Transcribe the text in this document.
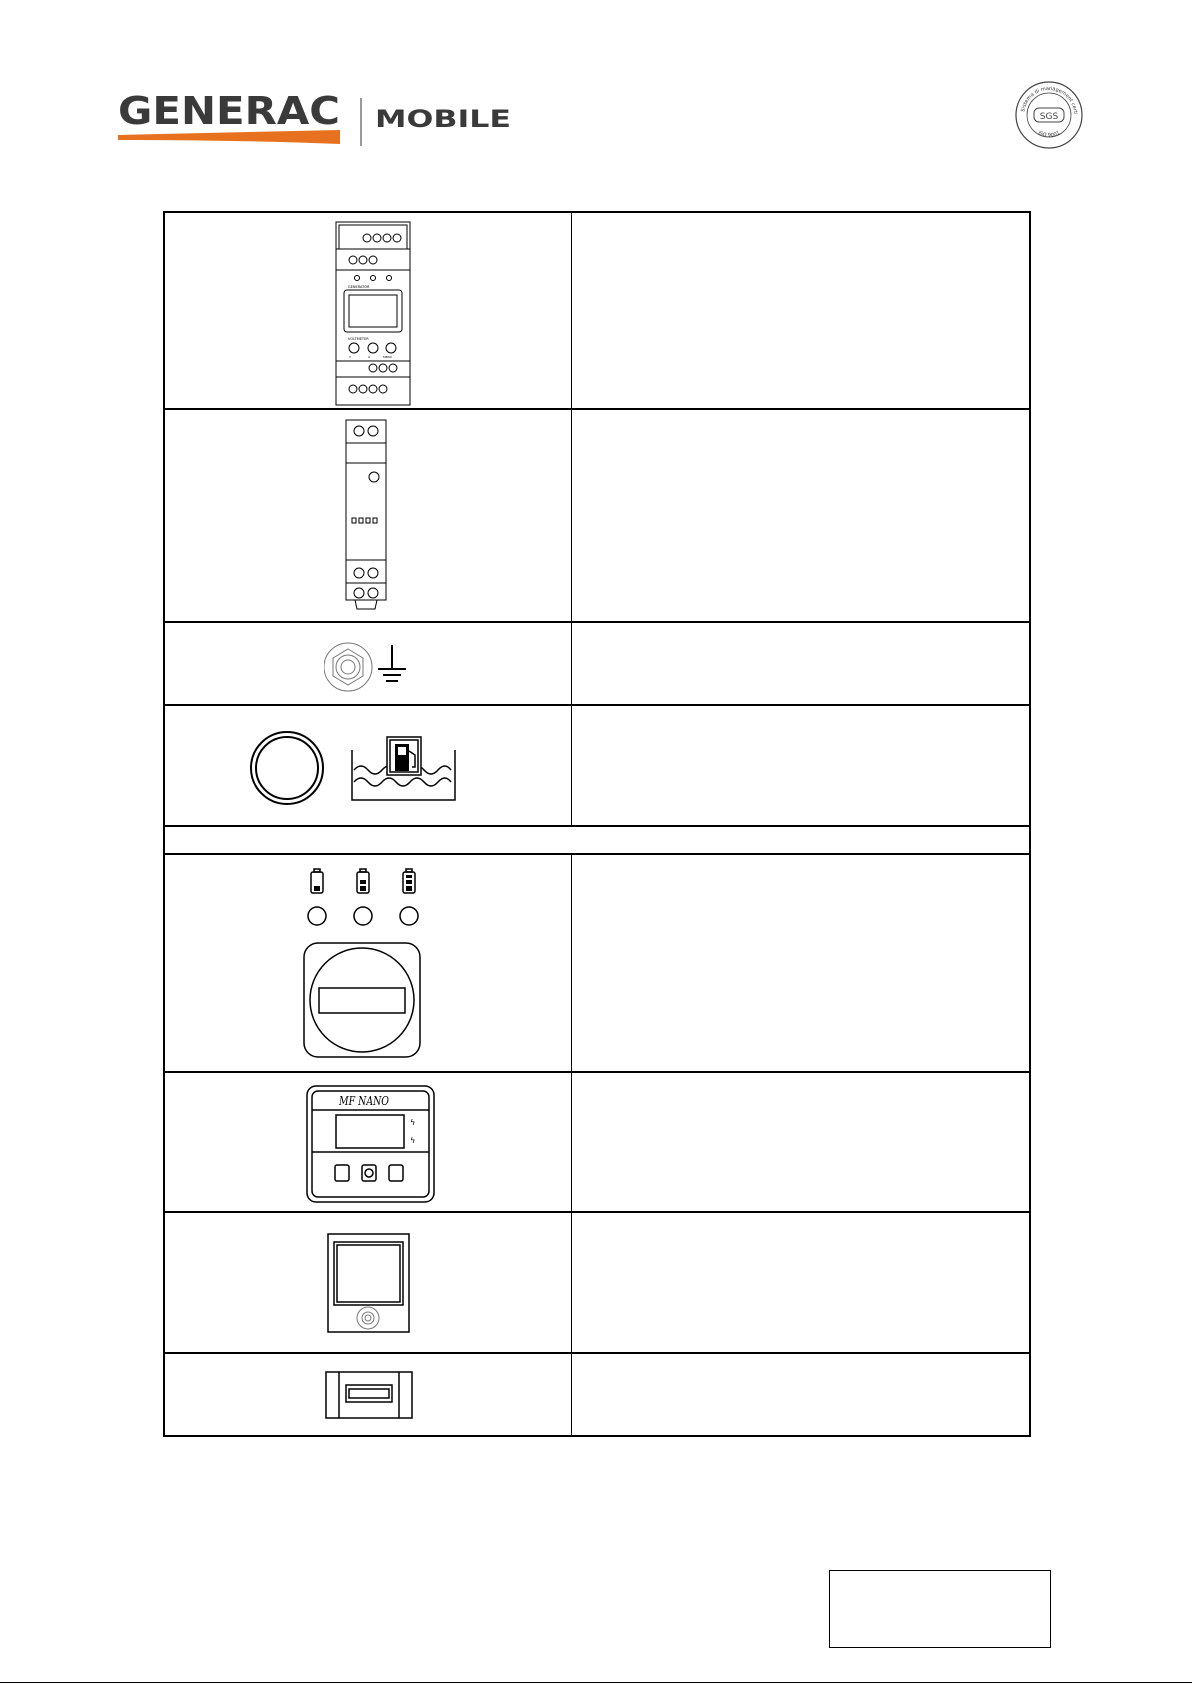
GENERAC MOBILE	Sistema di management certi
ISO 9001
SGS
GENERATOR
VOLTMETER
V	A	MENU
MF NANO
ϟ
ϟ
